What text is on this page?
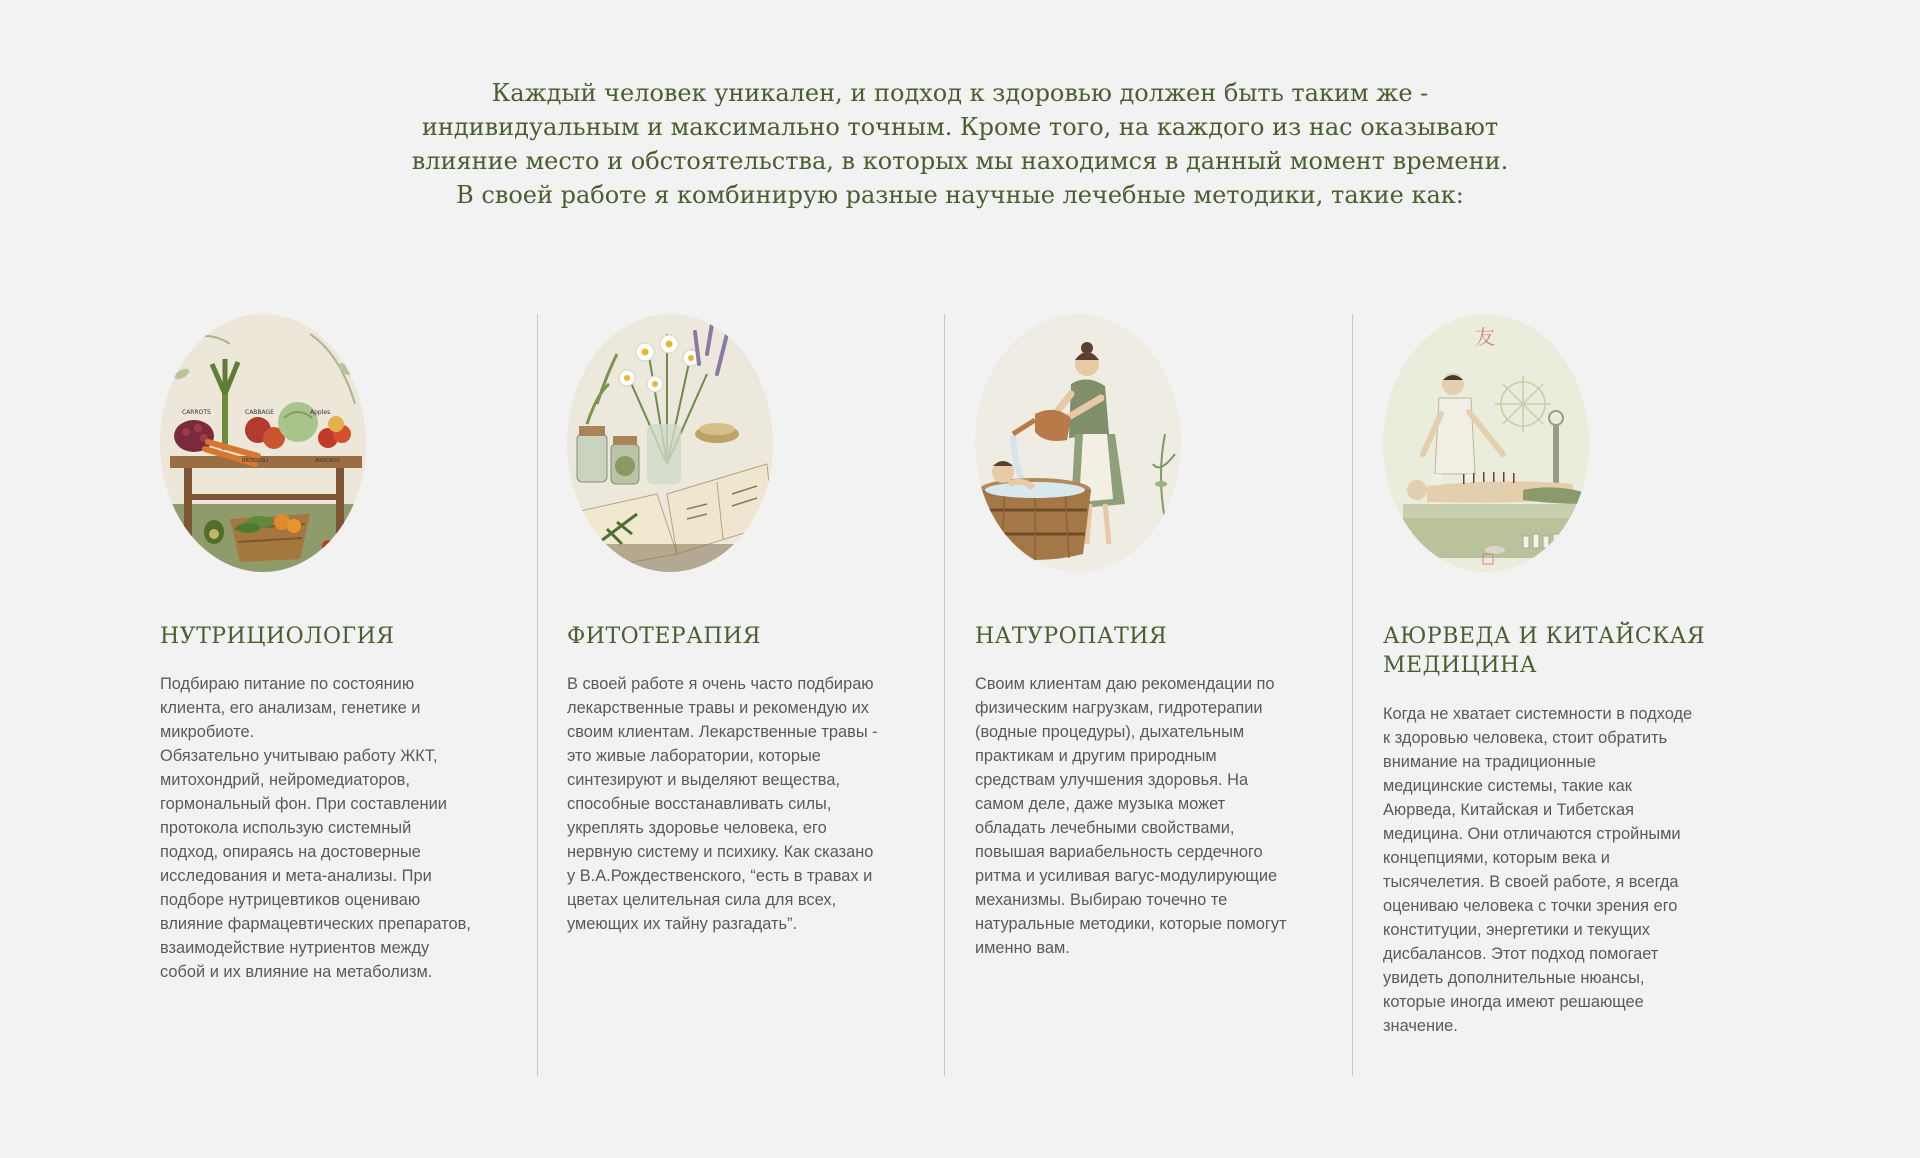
Каждый человек уникален, и подход к здоровью должен быть таким же -

индивидуальным и максимально точным. Кроме того, на каждого из нас оказывают

влияние место и обстоятельства, в которых мы находимся в данный момент времени.

В своей работе я комбинирую разные научные лечебные методики, такие как:

CARROTS	CABBAGE	Apples
BROCCOLI	AVOCADO
НУТРИЦИОЛОГИЯ

Подбираю питание по состоянию
клиента, его анализам, генетике и
микробиоте.
Обязательно учитываю работу ЖКТ,
митохондрий, нейромедиаторов,
гормональный фон. При составлении
протокола использую системный
подход, опираясь на достоверные
исследования и мета-анализы. При
подборе нутрицевтиков оцениваю
влияние фармацевтических препаратов,
взаимодействие нутриентов между
собой и их влияние на метаболизм.

ФИТОТЕРАПИЯ

В своей работе я очень часто подбираю
лекарственные травы и рекомендую их
своим клиентам. Лекарственные травы -
это живые лаборатории, которые
синтезируют и выделяют вещества,
способные восстанавливать силы,
укреплять здоровье человека, его
нервную систему и психику. Как сказано
у В.А.Рождественского, “есть в травах и
цветах целительная сила для всех,
умеющих их тайну разгадать”.

НАТУРОПАТИЯ

Своим клиентам даю рекомендации по
физическим нагрузкам, гидротерапии
(водные процедуры), дыхательным
практикам и другим природным
средствам улучшения здоровья. На
самом деле, даже музыка может
обладать лечебными свойствами,
повышая вариабельность сердечного
ритма и усиливая вагус-модулирующие
механизмы. Выбираю точечно те
натуральные методики, которые помогут
именно вам.

友
АЮРВЕДА И КИТАЙСКАЯ
МЕДИЦИНА

Когда не хватает системности в подходе
к здоровью человека, стоит обратить
внимание на традиционные
медицинские системы, такие как
Аюрведа, Китайская и Тибетская
медицина. Они отличаются стройными
концепциями, которым века и
тысячелетия. В своей работе, я всегда
оцениваю человека с точки зрения его
конституции, энергетики и текущих
дисбалансов. Этот подход помогает
увидеть дополнительные нюансы,
которые иногда имеют решающее
значение.
